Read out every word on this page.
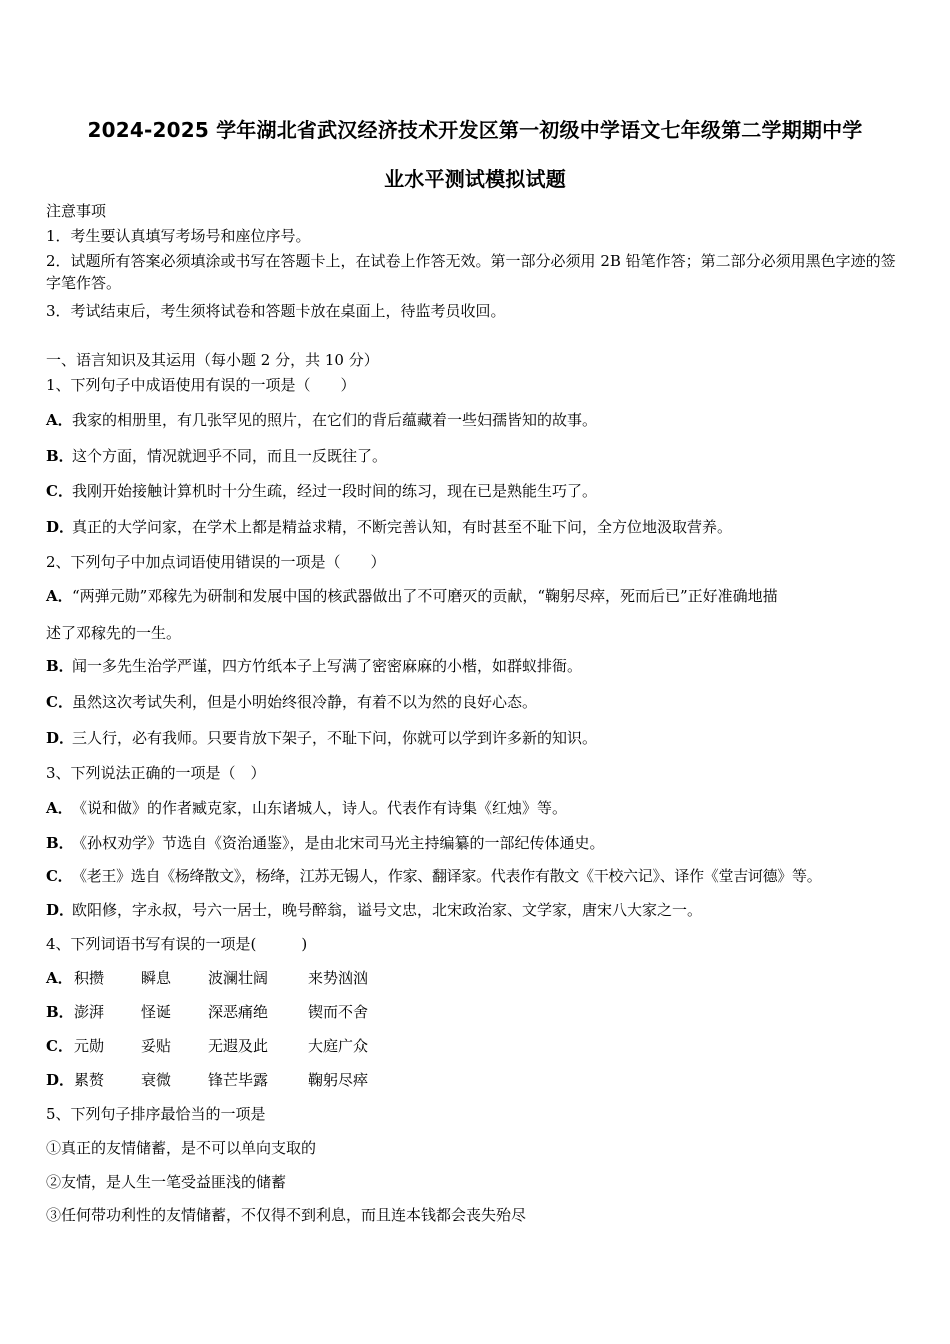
2024-2025 学年湖北省武汉经济技术开发区第一初级中学语文七年级第二学期期中学
业水平测试模拟试题
注意事项
1．考生要认真填写考场号和座位序号。
2．试题所有答案必须填涂或书写在答题卡上，在试卷上作答无效。第一部分必须用 2B 铅笔作答；第二部分必须用黑色字迹的签字笔作答。
3．考试结束后，考生须将试卷和答题卡放在桌面上，待监考员收回。
一、语言知识及其运用（每小题 2 分，共 10 分）
1、下列句子中成语使用有误的一项是（　　）
A．我家的相册里，有几张罕见的照片，在它们的背后蕴藏着一些妇孺皆知的故事。
B．这个方面，情况就迥乎不同，而且一反既往了。
C．我刚开始接触计算机时十分生疏，经过一段时间的练习，现在已是熟能生巧了。
D．真正的大学问家，在学术上都是精益求精，不断完善认知，有时甚至不耻下问，全方位地汲取营养。
2、下列句子中加点词语使用错误的一项是（　　）
A．“两弹元勋”邓稼先为研制和发展中国的核武器做出了不可磨灭的贡献，“鞠躬尽瘁，死而后已”正好准确地描
述了邓稼先的一生。
B．闻一多先生治学严谨，四方竹纸本子上写满了密密麻麻的小楷，如群蚁排衙。
C．虽然这次考试失利，但是小明始终很冷静，有着不以为然的良好心态。
D．三人行，必有我师。只要肯放下架子，不耻下问，你就可以学到许多新的知识。
3、下列说法正确的一项是（　）
A．《说和做》的作者臧克家，山东诸城人，诗人。代表作有诗集《红烛》等。
B．《孙权劝学》节选自《资治通鉴》，是由北宋司马光主持编纂的一部纪传体通史。
C．《老王》选自《杨绛散文》，杨绛，江苏无锡人，作家、翻译家。代表作有散文《干校六记》、译作《堂吉诃德》等。
D．欧阳修，字永叔，号六一居士，晚号醉翁，谥号文忠，北宋政治家、文学家，唐宋八大家之一。
4、下列词语书写有误的一项是(　　　)
A． 积攒 瞬息 波澜壮阔	来势汹汹
B． 澎湃 怪诞 深恶痛绝	锲而不舍
C． 元勋 妥贴 无遐及此	大庭广众
D． 累赘 衰微 锋芒毕露	鞠躬尽瘁
5、下列句子排序最恰当的一项是
①真正的友情储蓄，是不可以单向支取的
②友情，是人生一笔受益匪浅的储蓄
③任何带功利性的友情储蓄，不仅得不到利息，而且连本钱都会丧失殆尽
